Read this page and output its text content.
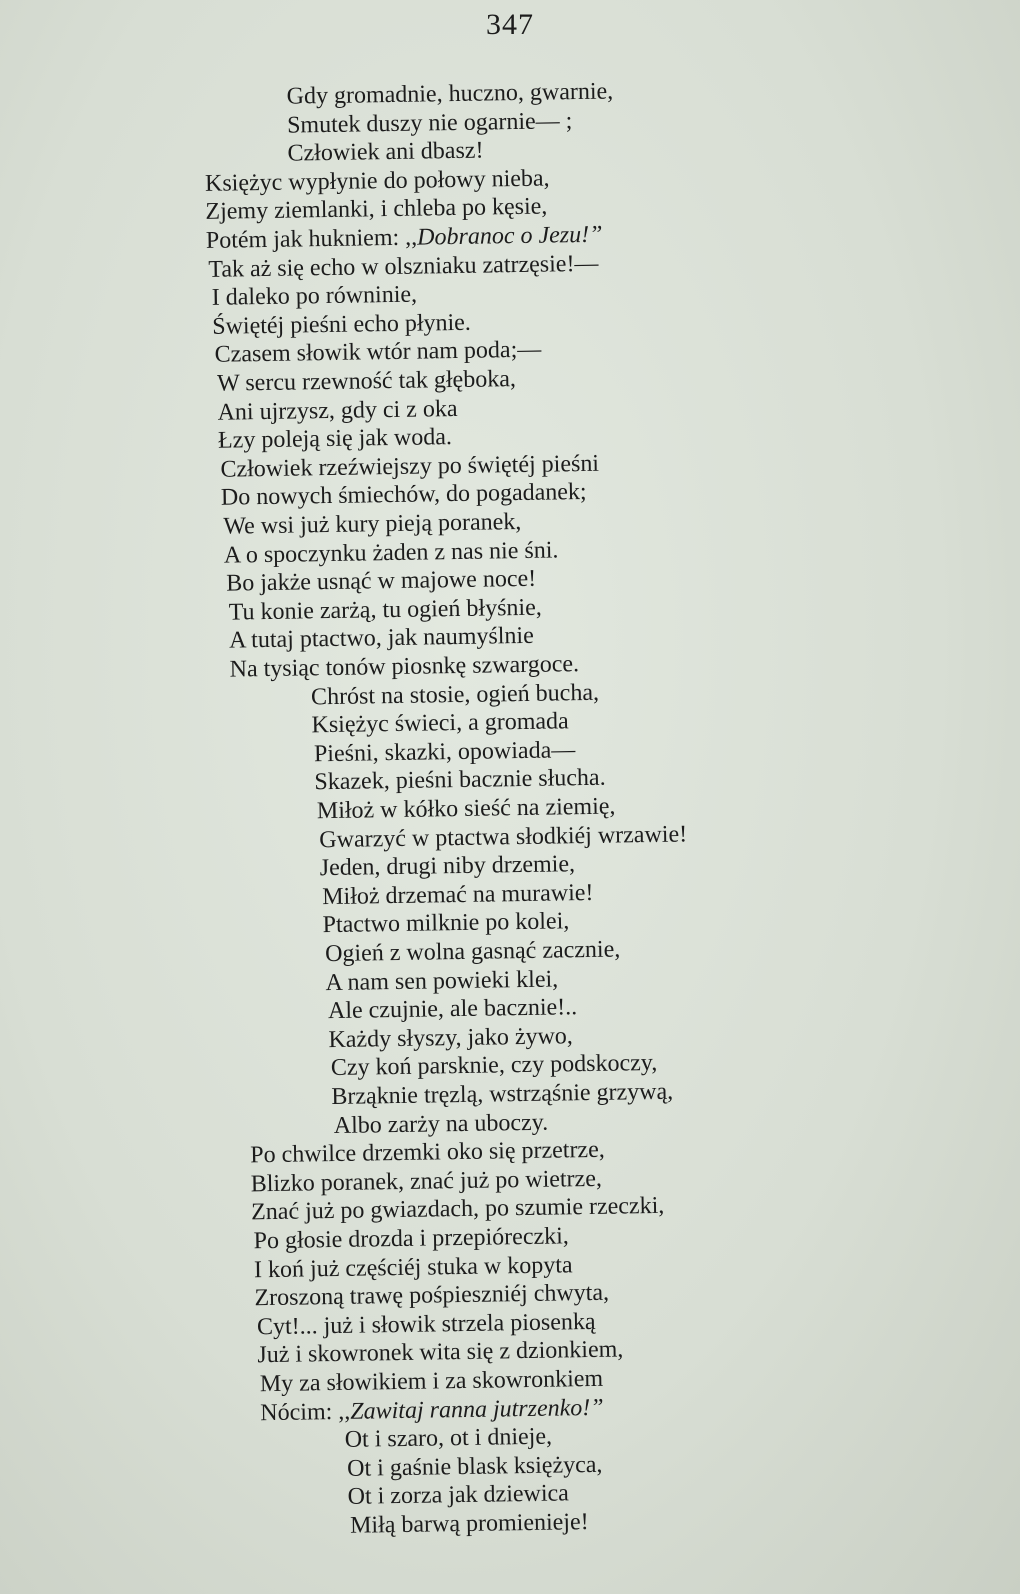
347
Gdy gromadnie, huczno, gwarnie,
Smutek duszy nie ogarnie— ;
Człowiek ani dbasz!
Księżyc wypłynie do połowy nieba,
Zjemy ziemlanki, i chleba po kęsie,
Potém jak hukniem: ,,Dobranoc o Jezu!”
Tak aż się echo w olszniaku zatrzęsie!—
I daleko po równinie,
Świętéj pieśni echo płynie.
Czasem słowik wtór nam poda;—
W sercu rzewność tak głęboka,
Ani ujrzysz, gdy ci z oka
Łzy poleją się jak woda.
Człowiek rzeźwiejszy po świętéj pieśni
Do nowych śmiechów, do pogadanek;
We wsi już kury pieją poranek,
A o spoczynku żaden z nas nie śni.
Bo jakże usnąć w majowe noce!
Tu konie zarżą, tu ogień błyśnie,
A tutaj ptactwo, jak naumyślnie
Na tysiąc tonów piosnkę szwargoce.
Chróst na stosie, ogień bucha,
Księżyc świeci, a gromada
Pieśni, skazki, opowiada—
Skazek, pieśni bacznie słucha.
Miłoż w kółko sieść na ziemię,
Gwarzyć w ptactwa słodkiéj wrzawie!
Jeden, drugi niby drzemie,
Miłoż drzemać na murawie!
Ptactwo milknie po kolei,
Ogień z wolna gasnąć zacznie,
A nam sen powieki klei,
Ale czujnie, ale bacznie!..
Każdy słyszy, jako żywo,
Czy koń parsknie, czy podskoczy,
Brząknie tręzlą, wstrząśnie grzywą,
Albo zarży na uboczy.
Po chwilce drzemki oko się przetrze,
Blizko poranek, znać już po wietrze,
Znać już po gwiazdach, po szumie rzeczki,
Po głosie drozda i przepióreczki,
I koń już częściéj stuka w kopyta
Zroszoną trawę pośpieszniéj chwyta,
Cyt!... już i słowik strzela piosenką
Już i skowronek wita się z dzionkiem,
My za słowikiem i za skowronkiem
Nócim: ,,Zawitaj ranna jutrzenko!”
Ot i szaro, ot i dnieje,
Ot i gaśnie blask księżyca,
Ot i zorza jak dziewica
Miłą barwą promienieje!
